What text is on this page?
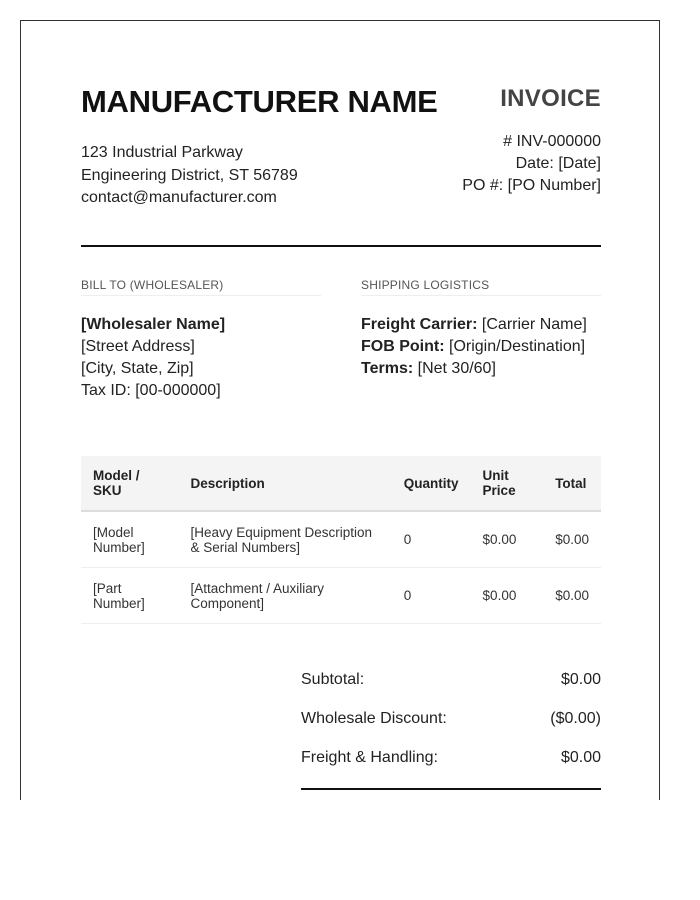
MANUFACTURER NAME
123 Industrial Parkway
Engineering District, ST 56789
contact@manufacturer.com
INVOICE
# INV-000000
Date: [Date]
PO #: [PO Number]
BILL TO (WHOLESALER)
[Wholesaler Name]
[Street Address]
[City, State, Zip]
Tax ID: [00-000000]
SHIPPING LOGISTICS
Freight Carrier: [Carrier Name]
FOB Point: [Origin/Destination]
Terms: [Net 30/60]
Model / SKU	Description	Quantity	Unit Price	Total
[Model Number]	[Heavy Equipment Description & Serial Numbers]	0	$0.00	$0.00
[Part Number]	[Attachment / Auxiliary Component]	0	$0.00	$0.00
Subtotal:	$0.00
Wholesale Discount:	($0.00)
Freight & Handling:	$0.00
